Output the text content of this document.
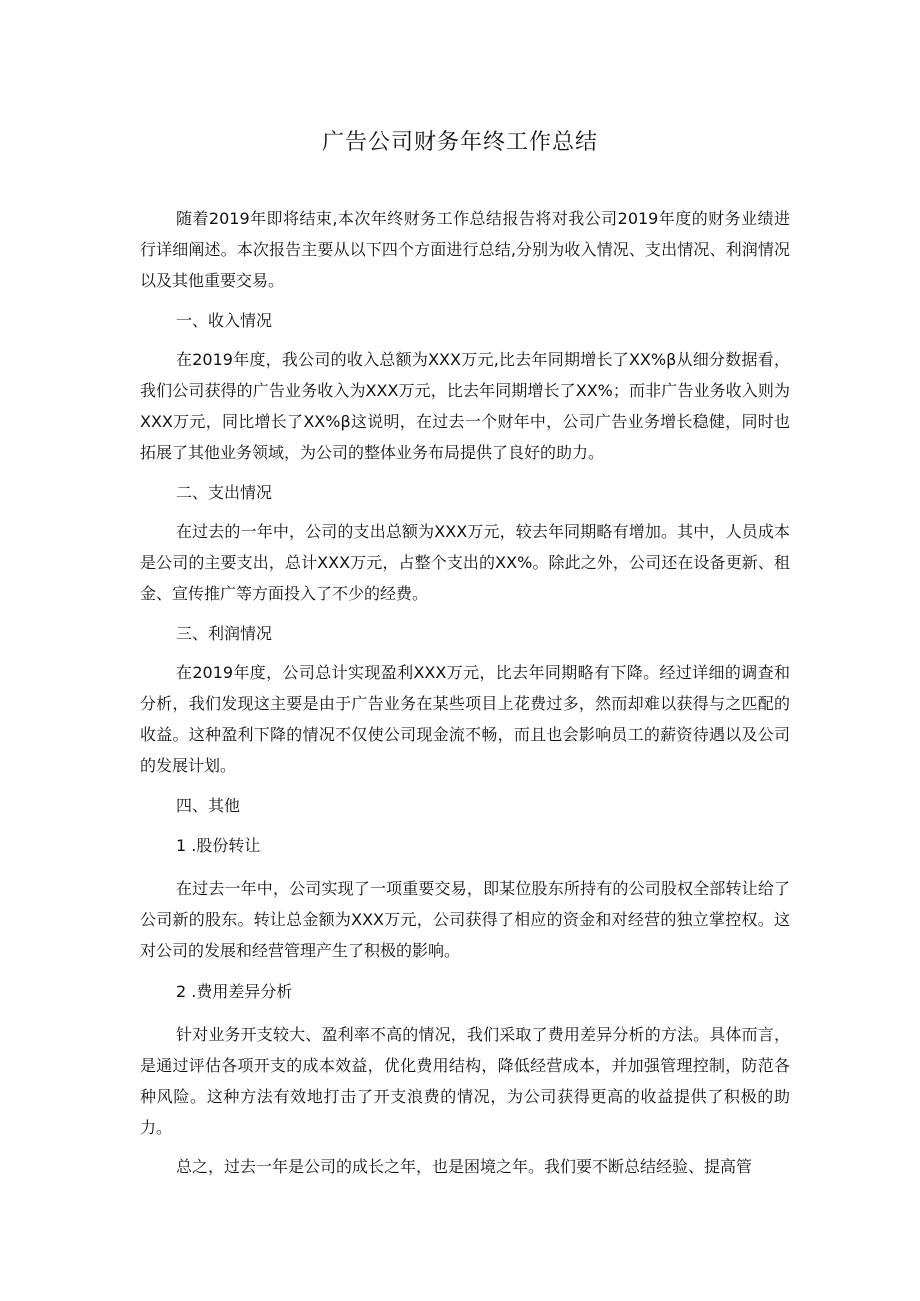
广告公司财务年终工作总结

随着2019年即将结束,本次年终财务工作总结报告将对我公司2019年度的财务业绩进行详细阐述。本次报告主要从以下四个方面进行总结,分别为收入情况、支出情况、利润情况以及其他重要交易。

一、收入情况

在2019年度，我公司的收入总额为XXX万元,比去年同期增长了XX%β从细分数据看，我们公司获得的广告业务收入为XXX万元，比去年同期增长了XX%；而非广告业务收入则为XXX万元，同比增长了XX%β这说明，在过去一个财年中，公司广告业务增长稳健，同时也拓展了其他业务领域，为公司的整体业务布局提供了良好的助力。

二、支出情况

在过去的一年中，公司的支出总额为XXX万元，较去年同期略有增加。其中，人员成本是公司的主要支出，总计XXX万元，占整个支出的XX%。除此之外，公司还在设备更新、租金、宣传推广等方面投入了不少的经费。

三、利润情况

在2019年度，公司总计实现盈利XXX万元，比去年同期略有下降。经过详细的调查和分析，我们发现这主要是由于广告业务在某些项目上花费过多，然而却难以获得与之匹配的收益。这种盈利下降的情况不仅使公司现金流不畅，而且也会影响员工的薪资待遇以及公司的发展计划。

四、其他

1 .股份转让

在过去一年中，公司实现了一项重要交易，即某位股东所持有的公司股权全部转让给了公司新的股东。转让总金额为XXX万元，公司获得了相应的资金和对经营的独立掌控权。这对公司的发展和经营管理产生了积极的影响。

2 .费用差异分析

针对业务开支较大、盈利率不高的情况，我们采取了费用差异分析的方法。具体而言，是通过评估各项开支的成本效益，优化费用结构，降低经营成本，并加强管理控制，防范各种风险。这种方法有效地打击了开支浪费的情况，为公司获得更高的收益提供了积极的助力。

总之，过去一年是公司的成长之年，也是困境之年。我们要不断总结经验、提高管
